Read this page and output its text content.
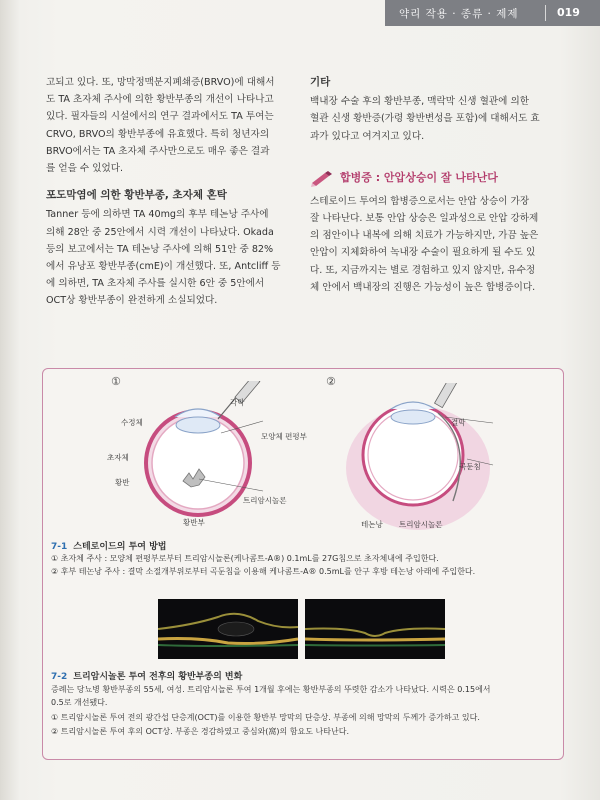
약리 작용 · 종류 · 제제	019

고되고 있다. 또, 망막정맥분지폐쇄증(BRVO)에 대해서

도 TA 초자체 주사에 의한 황반부종의 개선이 나타나고

있다. 필자들의 시설에서의 연구 결과에서도 TA 투여는

CRVO, BRVO의 황반부종에 유효했다. 특히 청년자의

BRVO에서는 TA 초자체 주사만으로도 매우 좋은 결과

를 얻을 수 있었다.

포도막염에 의한 황반부종, 초자체 혼탁

Tanner 등에 의하면 TA 40mg의 후부 테논낭 주사에

의해 28안 중 25안에서 시력 개선이 나타났다. Okada

등의 보고에서는 TA 테논낭 주사에 의해 51안 중 82%

에서 유낭포 황반부종(cmE)이 개선했다. 또, Antcliff 등

에 의하면, TA 초자체 주사를 실시한 6안 중 5안에서

OCT상 황반부종이 완전하게 소실되었다.

기타

백내장 수술 후의 황반부종, 맥락막 신생 혈관에 의한

혈관 신생 황반증(가령 황반변성을 포함)에 대해서도 효

과가 있다고 여겨지고 있다.

합병증 : 안압상승이 잘 나타난다

스테로이드 투여의 합병증으로서는 안압 상승이 가장

잘 나타난다. 보통 안압 상승은 일과성으로 안압 강하제

의 점안이나 내복에 의해 치료가 가능하지만, 가끔 높은

안압이 지체화하여 녹내장 수술이 필요하게 될 수도 있

다. 또, 지금까지는 별로 경험하고 있지 않지만, 유수정

체 안에서 백내장의 진행은 가능성이 높은 합병증이다.

①	②
각막
수정체
모양체 편평부
초자체
황반
트리암시놀론
황반부
결막
곡둔침
테논낭 트리암시놀론
7-1 스테로이드의 투여 방법
① 초자체 주사 : 모양체 편평부로부터 트리암시놀론(케나콤트-A®) 0.1mL를 27G침으로 초자체내에 주입한다.
② 후부 테논낭 주사 : 결막 소절개부위로부터 곡둔침을 이용해 케나콤트-A® 0.5mL를 안구 후방 테논낭 아래에 주입한다.
7-2 트리암시놀론 투여 전후의 황반부종의 변화
증례는 당뇨병 황반부종의 55세, 여성. 트리암시놀론 투여 1개월 후에는 황반부종의 뚜렷한 감소가 나타났다. 시력은 0.15에서
0.5로 개선됐다.
① 트리암시놀론 투여 전의 광간섭 단층계(OCT)를 이용한 황반부 망막의 단층상. 부종에 의해 망막의 두께가 증가하고 있다.
② 트리암시놀론 투여 후의 OCT상. 부종은 경감하였고 중심와(窩)의 함요도 나타난다.
